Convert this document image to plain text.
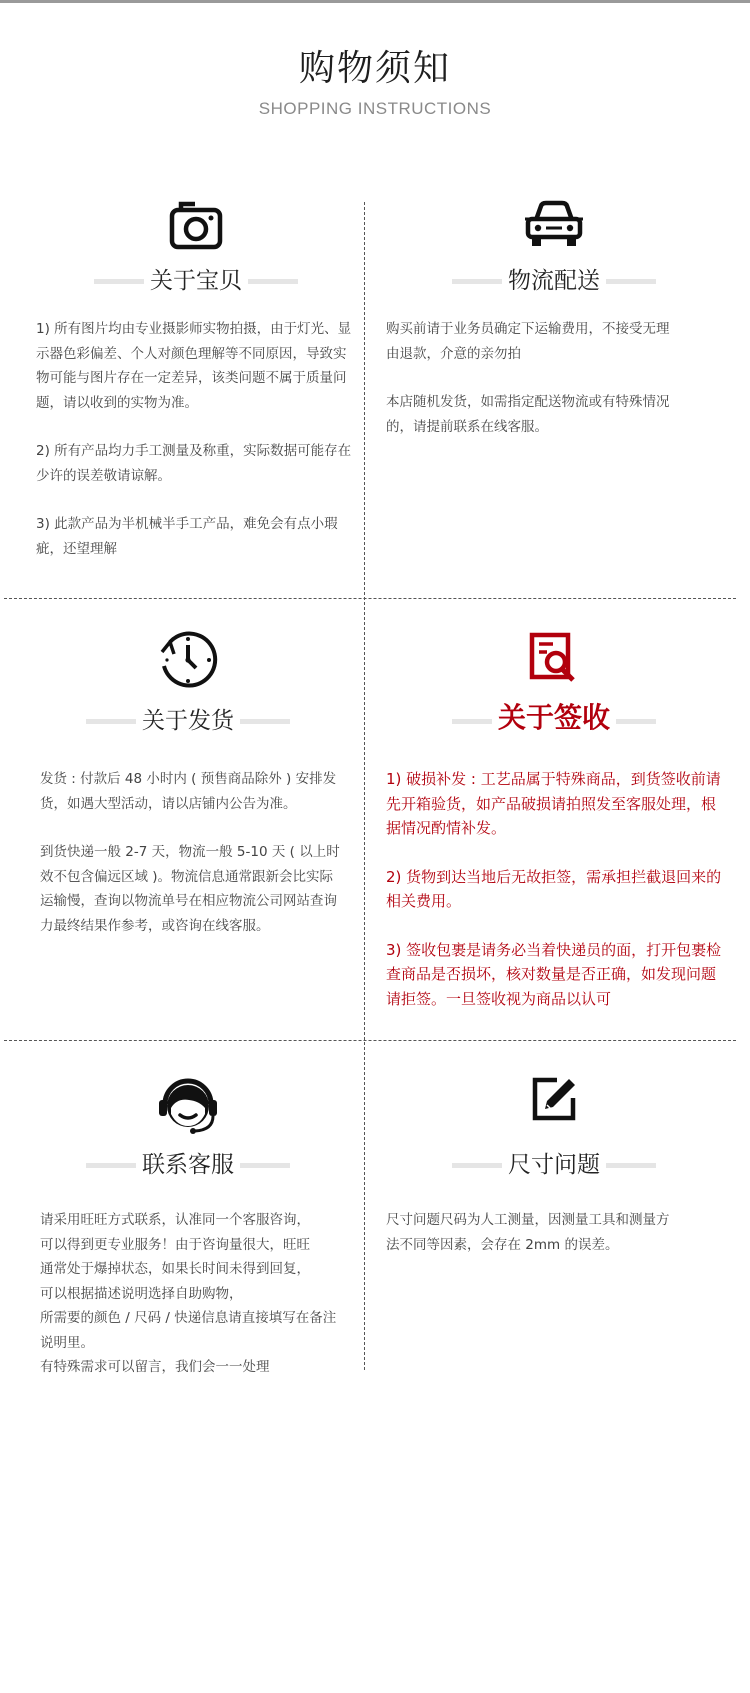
购物须知
SHOPPING INSTRUCTIONS
关于宝贝

1) 所有图片均由专业摄影师实物拍摄，由于灯光、显示器色彩偏差、个人对颜色理解等不同原因，导致实物可能与图片存在一定差异，该类问题不属于质量问题，请以收到的实物为准。

2) 所有产品均力手工测量及称重，实际数据可能存在少许的误差敬请谅解。

3) 此款产品为半机械半手工产品，难免会有点小瑕疵，还望理解

物流配送

购买前请于业务员确定下运输费用，不接受无理由退款，介意的亲勿拍

本店随机发货，如需指定配送物流或有特殊情况的，请提前联系在线客服。

关于发货

发货 : 付款后 48 小时内 ( 预售商品除外 ) 安排发货，如遇大型活动，请以店铺内公告为准。

到货快递一般 2-7 天，物流一般 5-10 天 ( 以上时效不包含偏远区域 )。物流信息通常跟新会比实际运输慢，查询以物流单号在相应物流公司网站查询力最终结果作参考，或咨询在线客服。

关于签收

1) 破损补发 : 工艺品属于特殊商品，到货签收前请先开箱验货，如产品破损请拍照发至客服处理，根据情况酌情补发。

2) 货物到达当地后无故拒签，需承担拦截退回来的相关费用。

3) 签收包裹是请务必当着快递员的面，打开包裹检查商品是否损坏，核对数量是否正确，如发现问题请拒签。一旦签收视为商品以认可

联系客服
请采用旺旺方式联系，认准同一个客服咨询，
可以得到更专业服务！由于咨询量很大，旺旺
通常处于爆掉状态，如果长时间未得到回复，
可以根据描述说明选择自助购物，
所需要的颜色 / 尺码 / 快递信息请直接填写在备注说明里。
有特殊需求可以留言，我们会一一处理
尺寸问题

尺寸问题尺码为人工测量，因测量工具和测量方法不同等因素，会存在 2mm 的误差。
